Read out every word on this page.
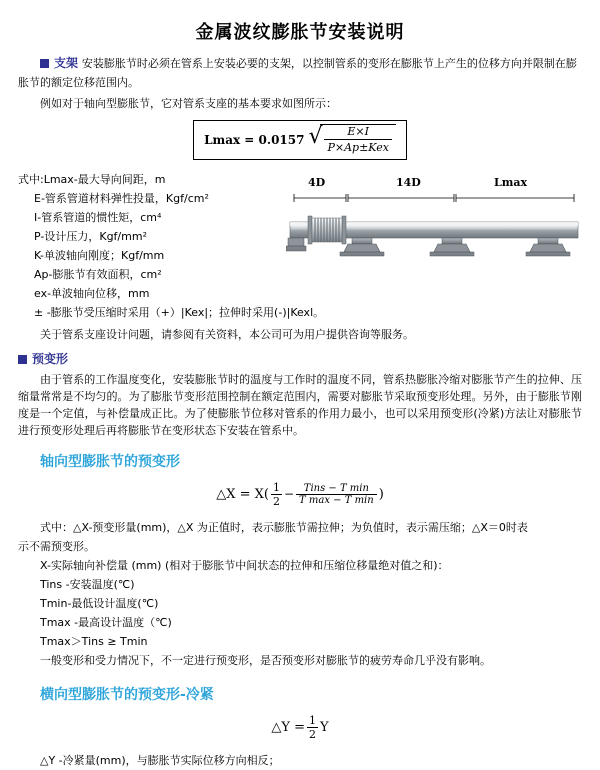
金属波纹膨胀节安装说明
支架 安装膨胀节时必须在管系上安装必要的支架，以控制管系的变形在膨胀节上产生的位移方向并限制在膨胀节的额定位移范围内。
例如对于轴向型膨胀节，它对管系支座的基本要求如图所示：
Lmax = 0.0157 √ $\frac{E\times I}{\text{P×Ap±Kex}}$
式中:Lmax-最大导向间距，m
E-管系管道材料弹性投量，Kgf/cm²
I-管系管道的惯性矩，cm⁴
P-设计压力，Kgf/mm²
K-单波轴向刚度；Kgf/mm
Ap-膨胀节有效面积，cm²
ex-单波轴向位移，mm
± -膨胀节受压缩时采用（+）|Kex|；拉伸时采用(-)|Kexl。
4D	14D	Lmax
关于管系支座设计问题，请参阅有关资料，本公司可为用户提供咨询等服务。
预变形
由于管系的工作温度变化，安装膨胀节时的温度与工作时的温度不同，管系热膨胀冷缩对膨胀节产生的拉伸、压缩量常常是不均匀的。为了膨胀节变形范围控制在额定范围内，需要对膨胀节采取预变形处理。另外，由于膨胀节刚度是一个定值，与补偿量成正比。为了使膨胀节位移对管系的作用力最小，也可以采用预变形(冷紧)方法让对膨胀节进行预变形处理后再将膨胀节在变形状态下安装在管系中。
轴向型膨胀节的预变形
△X = $X( \frac{1}{2} - \frac{\text{Tins − T min}}{\text{T max − T min}}$ )
式中：△X-预变形量(mm)，△X 为正值时，表示膨胀节需拉伸；为负值时，表示需压缩；△X＝0时表
示不需预变形。
X-实际轴向补偿量 (mm) (相对于膨胀节中间状态的拉伸和压缩位移量绝对值之和)：
Tins -安装温度(℃)
Tmin-最低设计温度(℃)
Tmax -最高设计温度（℃)
Tmax＞Tins ≥ Tmin
一般变形和受力情况下，不一定进行预变形，是否预变形对膨胀节的疲劳寿命几乎没有影响。
横向型膨胀节的预变形-冷紧
△Y = $\frac{1}{2}$ Y
△Y -冷紧量(mm)，与膨胀节实际位移方向相反；
